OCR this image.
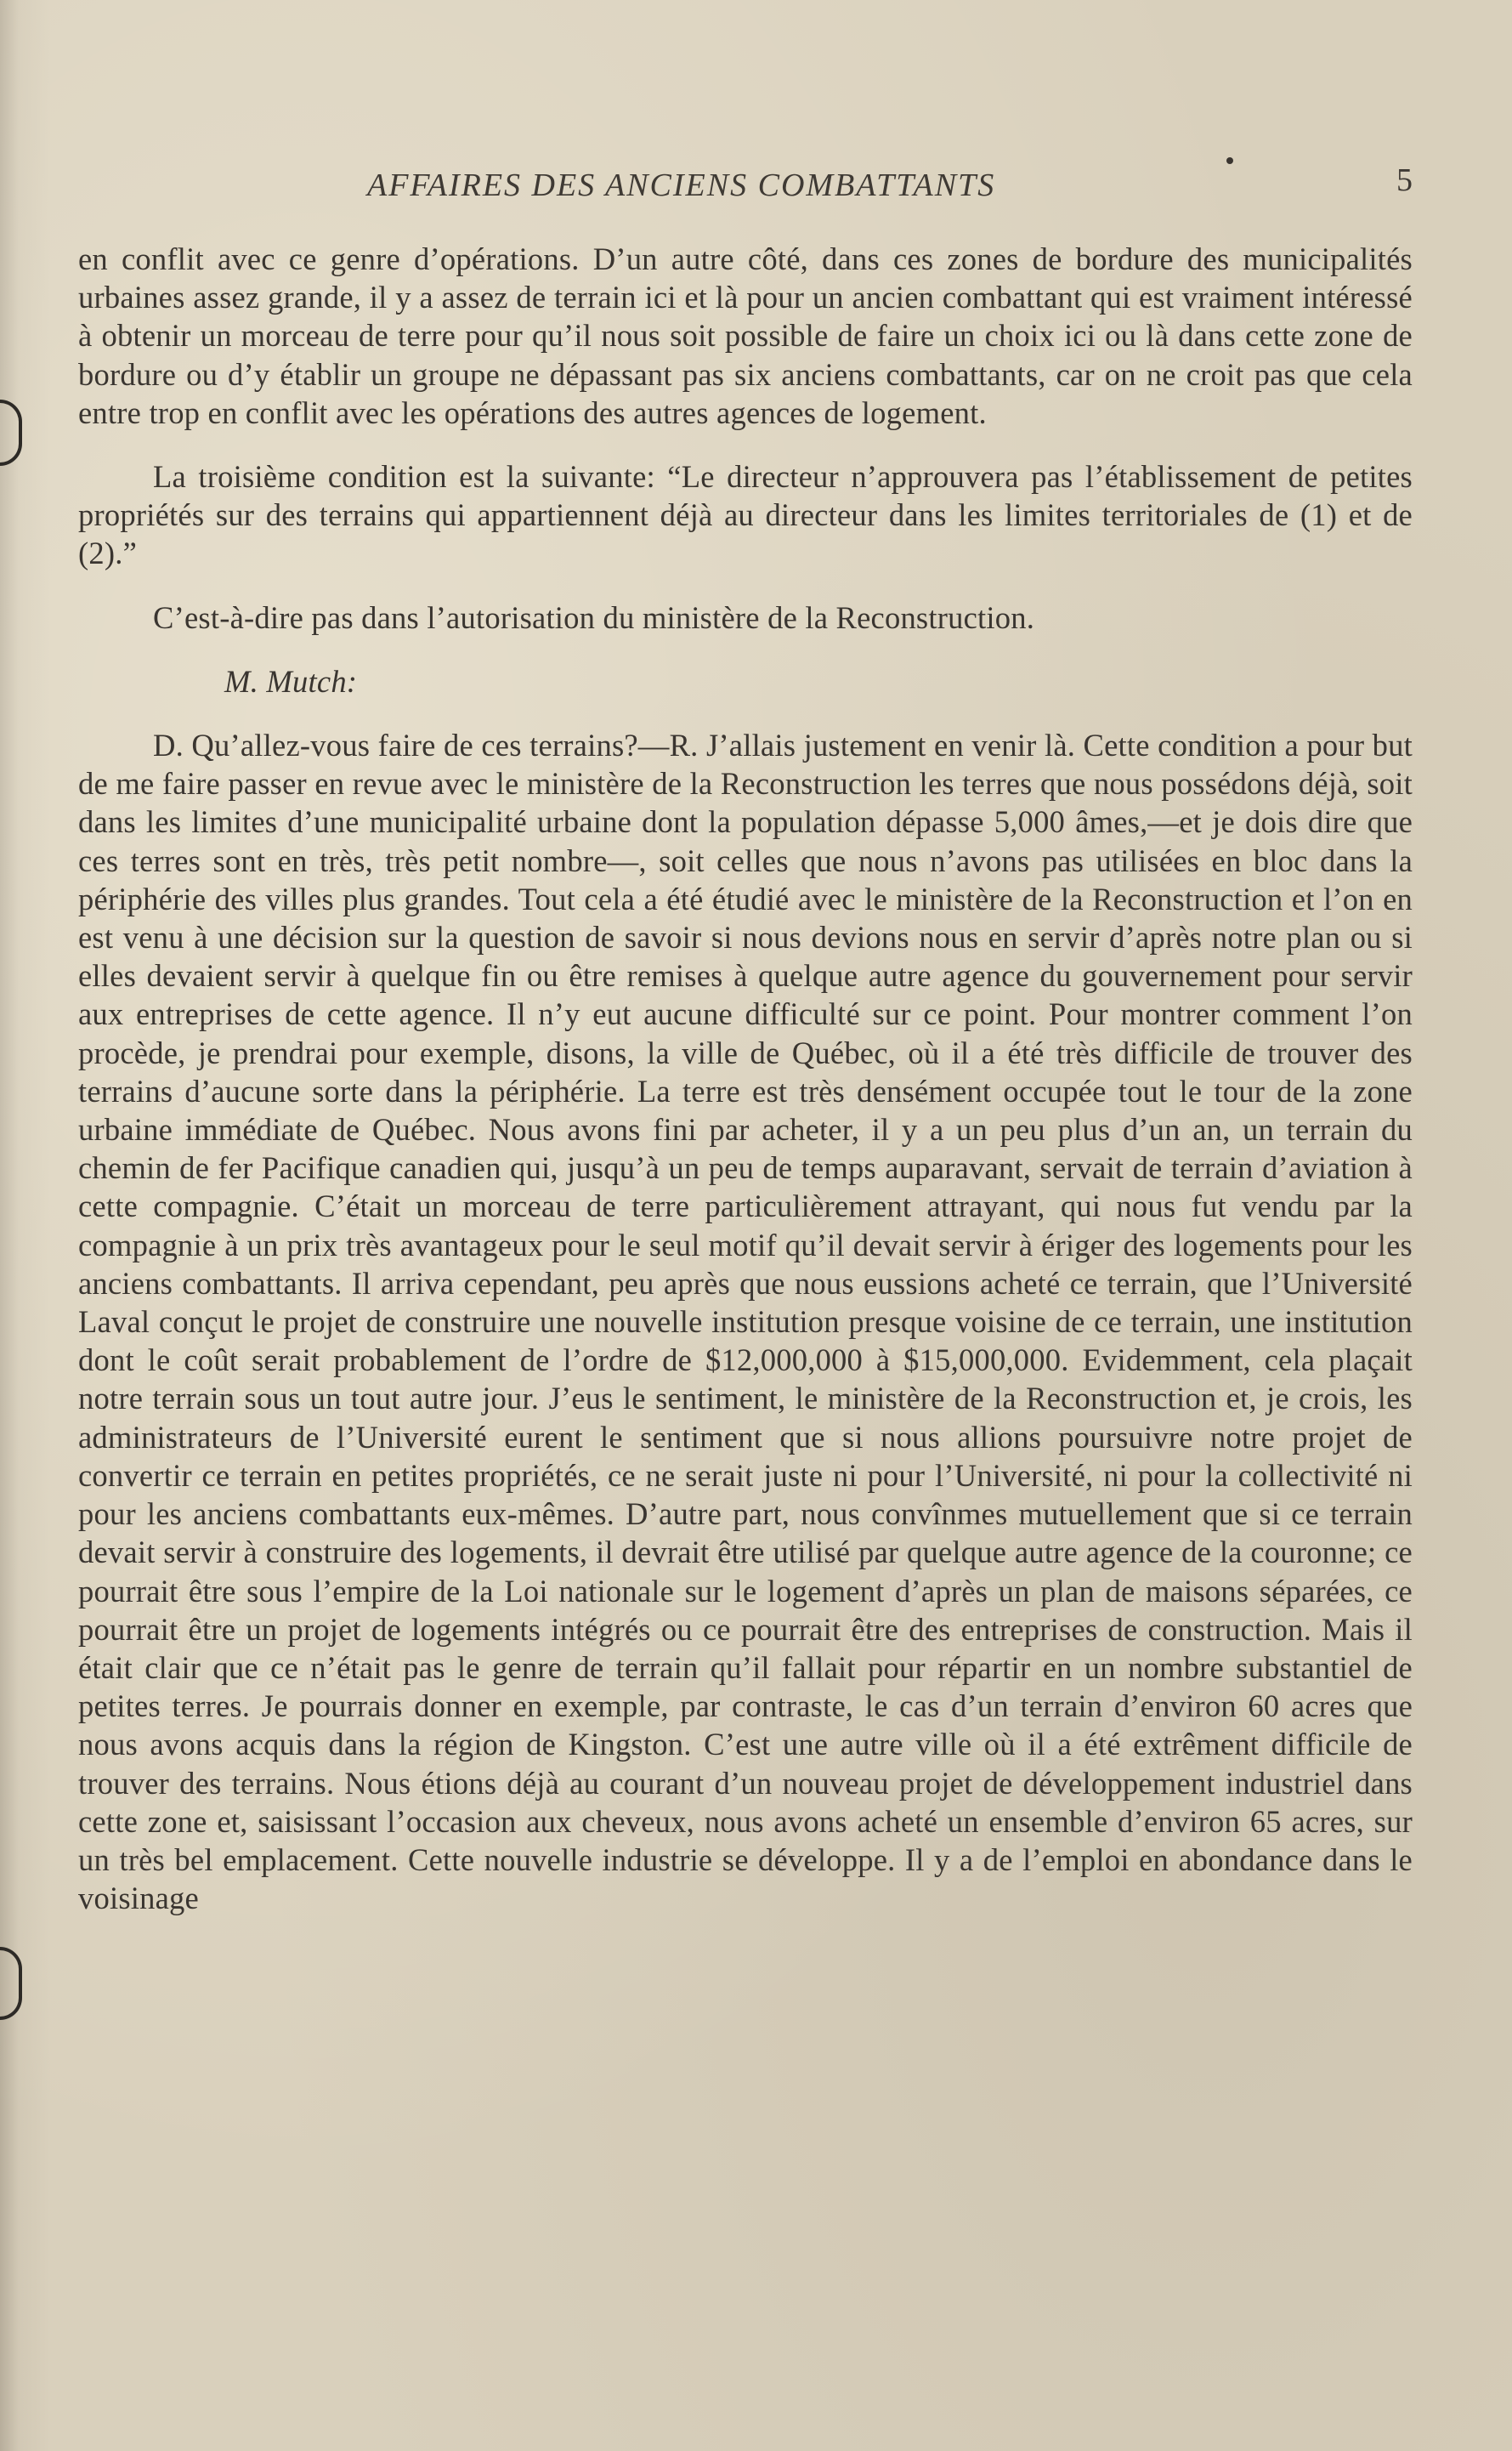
AFFAIRES DES ANCIENS COMBATTANTS	5

en conflit avec ce genre d’opérations. D’un autre côté, dans ces zones de bordure des municipalités urbaines assez grande, il y a assez de terrain ici et là pour un ancien combattant qui est vraiment intéressé à obtenir un morceau de terre pour qu’il nous soit possible de faire un choix ici ou là dans cette zone de bordure ou d’y établir un groupe ne dépassant pas six anciens combattants, car on ne croit pas que cela entre trop en conflit avec les opérations des autres agences de logement.

La troisième condition est la suivante: “Le directeur n’approuvera pas l’établissement de petites propriétés sur des terrains qui appartiennent déjà au directeur dans les limites territoriales de (1) et de (2).”

C’est-à-dire pas dans l’autorisation du ministère de la Reconstruction.

M. Mutch:

D. Qu’allez-vous faire de ces terrains?—R. J’allais justement en venir là. Cette condition a pour but de me faire passer en revue avec le ministère de la Reconstruction les terres que nous possédons déjà, soit dans les limites d’une municipalité urbaine dont la population dépasse 5,000 âmes,—et je dois dire que ces terres sont en très, très petit nombre—, soit celles que nous n’avons pas utilisées en bloc dans la périphérie des villes plus grandes. Tout cela a été étudié avec le ministère de la Reconstruction et l’on en est venu à une décision sur la question de savoir si nous devions nous en servir d’après notre plan ou si elles devaient servir à quelque fin ou être remises à quelque autre agence du gouvernement pour servir aux entreprises de cette agence. Il n’y eut aucune difficulté sur ce point. Pour montrer comment l’on procède, je prendrai pour exemple, disons, la ville de Québec, où il a été très difficile de trouver des terrains d’aucune sorte dans la périphérie. La terre est très densément occupée tout le tour de la zone urbaine immédiate de Québec. Nous avons fini par acheter, il y a un peu plus d’un an, un terrain du chemin de fer Pacifique canadien qui, jusqu’à un peu de temps auparavant, servait de terrain d’aviation à cette compagnie. C’était un morceau de terre particulièrement attrayant, qui nous fut vendu par la compagnie à un prix très avantageux pour le seul motif qu’il devait servir à ériger des logements pour les anciens combattants. Il arriva cependant, peu après que nous eussions acheté ce terrain, que l’Université Laval conçut le projet de construire une nouvelle institution presque voisine de ce terrain, une institution dont le coût serait probablement de l’ordre de $12,000,000 à $15,000,000. Evidemment, cela plaçait notre terrain sous un tout autre jour. J’eus le sentiment, le ministère de la Reconstruction et, je crois, les administrateurs de l’Université eurent le sentiment que si nous allions poursuivre notre projet de convertir ce terrain en petites propriétés, ce ne serait juste ni pour l’Université, ni pour la collectivité ni pour les anciens combattants eux-mêmes. D’autre part, nous convînmes mutuellement que si ce terrain devait servir à construire des logements, il devrait être utilisé par quelque autre agence de la couronne; ce pourrait être sous l’empire de la Loi nationale sur le logement d’après un plan de maisons séparées, ce pourrait être un projet de logements intégrés ou ce pourrait être des entreprises de construction. Mais il était clair que ce n’était pas le genre de terrain qu’il fallait pour répartir en un nombre substantiel de petites terres. Je pourrais donner en exemple, par contraste, le cas d’un terrain d’environ 60 acres que nous avons acquis dans la région de Kingston. C’est une autre ville où il a été extrêment difficile de trouver des terrains. Nous étions déjà au courant d’un nouveau projet de développement industriel dans cette zone et, saisissant l’occasion aux cheveux, nous avons acheté un ensemble d’environ 65 acres, sur un très bel emplacement. Cette nouvelle industrie se développe. Il y a de l’emploi en abondance dans le voisinage
